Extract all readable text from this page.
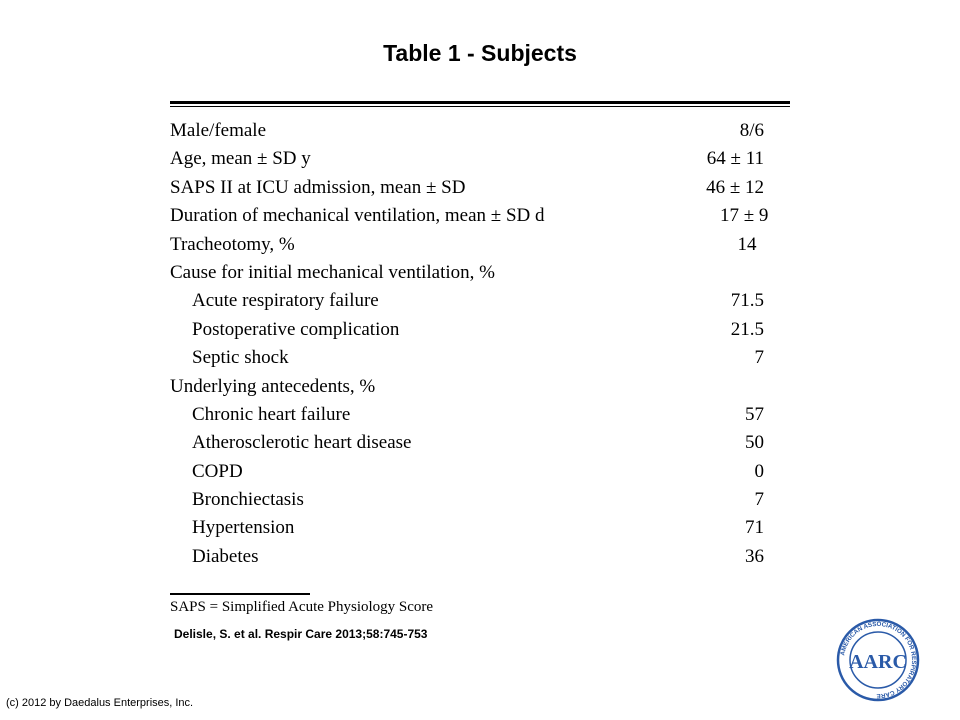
Table 1 - Subjects
Male/female	8/6
Age, mean ± SD y	64 ± 11
SAPS II at ICU admission, mean ± SD	46 ± 12
Duration of mechanical ventilation, mean ± SD d	17 ± 9
Tracheotomy, %	14
Cause for initial mechanical ventilation, %
Acute respiratory failure	71.5
Postoperative complication	21.5
Septic shock	7
Underlying antecedents, %
Chronic heart failure	57
Atherosclerotic heart disease	50
COPD	0
Bronchiectasis	7
Hypertension	71
Diabetes	36
SAPS = Simplified Acute Physiology Score
Delisle, S. et al. Respir Care 2013;58:745-753
(c) 2012 by Daedalus Enterprises, Inc.
AMERICAN ASSOCIATION FOR RESPIRATORY CARE
AARC
